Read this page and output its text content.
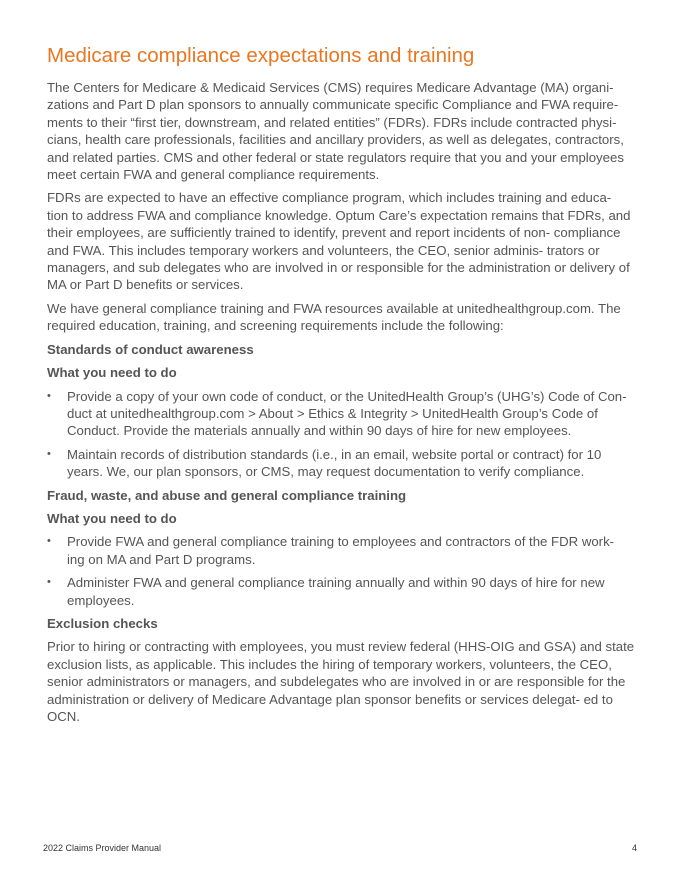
Medicare compliance expectations and training

The Centers for Medicare & Medicaid Services (CMS) requires Medicare Advantage (MA) organi- zations and Part D plan sponsors to annually communicate specific Compliance and FWA require- ments to their “first tier, downstream, and related entities” (FDRs). FDRs include contracted physi- cians, health care professionals, facilities and ancillary providers, as well as delegates, contractors, and related parties. CMS and other federal or state regulators require that you and your employees meet certain FWA and general compliance requirements.

FDRs are expected to have an effective compliance program, which includes training and educa- tion to address FWA and compliance knowledge. Optum Care’s expectation remains that FDRs, and their employees, are sufficiently trained to identify, prevent and report incidents of non- compliance and FWA. This includes temporary workers and volunteers, the CEO, senior adminis- trators or managers, and sub delegates who are involved in or responsible for the administration or delivery of MA or Part D benefits or services.

We have general compliance training and FWA resources available at unitedhealthgroup.com. The required education, training, and screening requirements include the following:

Standards of conduct awareness
What you need to do
• Provide a copy of your own code of conduct, or the UnitedHealth Group’s (UHG’s) Code of Con- duct at unitedhealthgroup.com > About > Ethics & Integrity > UnitedHealth Group’s Code of Conduct. Provide the materials annually and within 90 days of hire for new employees.
• Maintain records of distribution standards (i.e., in an email, website portal or contract) for 10 years. We, our plan sponsors, or CMS, may request documentation to verify compliance.
Fraud, waste, and abuse and general compliance training
What you need to do
• Provide FWA and general compliance training to employees and contractors of the FDR work- ing on MA and Part D programs.
• Administer FWA and general compliance training annually and within 90 days of hire for new employees.
Exclusion checks

Prior to hiring or contracting with employees, you must review federal (HHS-OIG and GSA) and state exclusion lists, as applicable. This includes the hiring of temporary workers, volunteers, the CEO, senior administrators or managers, and subdelegates who are involved in or are responsible for the administration or delivery of Medicare Advantage plan sponsor benefits or services delegat- ed to OCN.

2022 Claims Provider Manual	4
